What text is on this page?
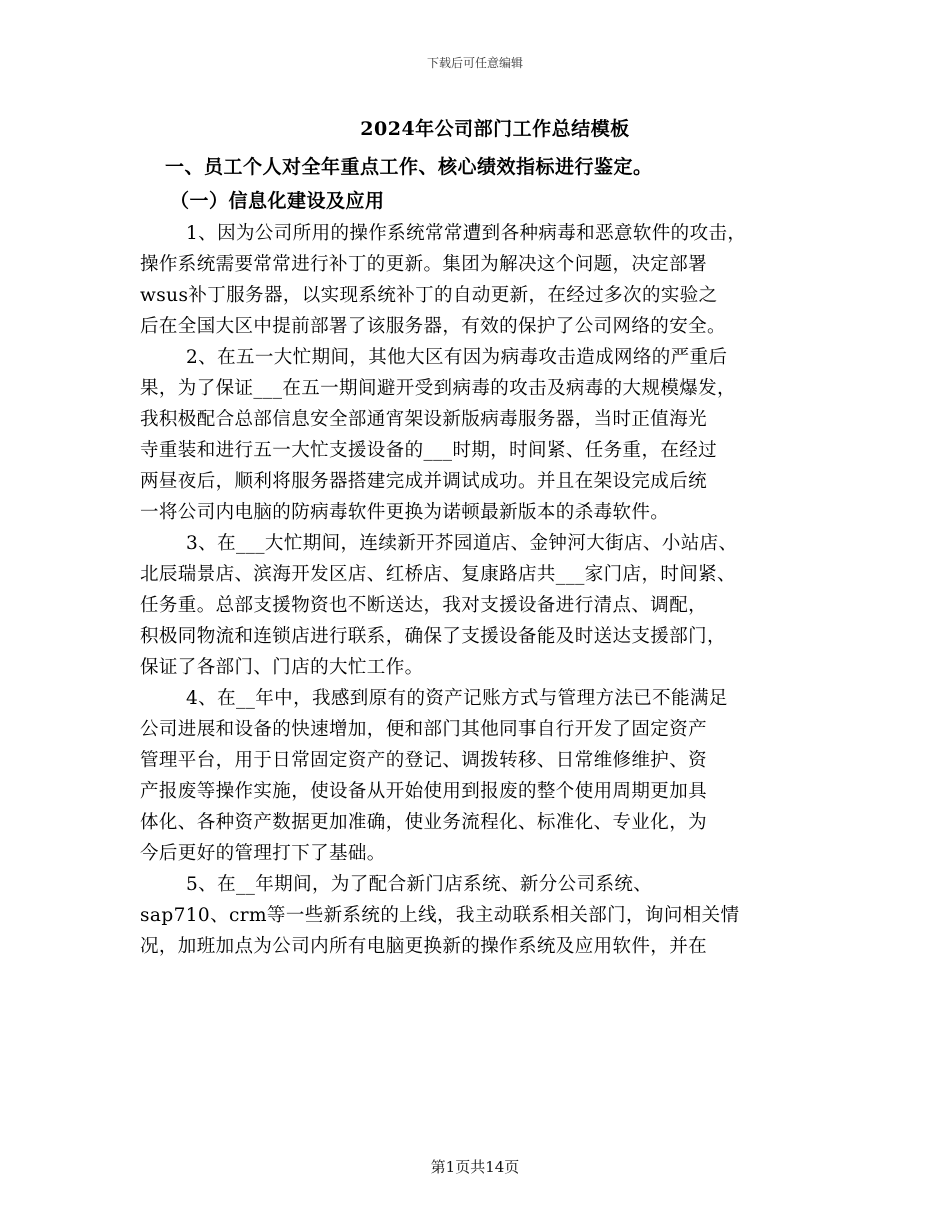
下载后可任意编辑
2024年公司部门工作总结模板
一、员工个人对全年重点工作、核心绩效指标进行鉴定。
（一）信息化建设及应用
1、因为公司所用的操作系统常常遭到各种病毒和恶意软件的攻击，
操作系统需要常常进行补丁的更新。集团为解决这个问题，决定部署
wsus补丁服务器，以实现系统补丁的自动更新，在经过多次的实验之
后在全国大区中提前部署了该服务器，有效的保护了公司网络的安全。
2、在五一大忙期间，其他大区有因为病毒攻击造成网络的严重后
果，为了保证___在五一期间避开受到病毒的攻击及病毒的大规模爆发，
我积极配合总部信息安全部通宵架设新版病毒服务器，当时正值海光
寺重装和进行五一大忙支援设备的___时期，时间紧、任务重，在经过
两昼夜后，顺利将服务器搭建完成并调试成功。并且在架设完成后统
一将公司内电脑的防病毒软件更换为诺顿最新版本的杀毒软件。
3、在___大忙期间，连续新开芥园道店、金钟河大街店、小站店、
北辰瑞景店、滨海开发区店、红桥店、复康路店共___家门店，时间紧、
任务重。总部支援物资也不断送达，我对支援设备进行清点、调配，
积极同物流和连锁店进行联系，确保了支援设备能及时送达支援部门，
保证了各部门、门店的大忙工作。
4、在__年中，我感到原有的资产记账方式与管理方法已不能满足
公司进展和设备的快速增加，便和部门其他同事自行开发了固定资产
管理平台，用于日常固定资产的登记、调拨转移、日常维修维护、资
产报废等操作实施，使设备从开始使用到报废的整个使用周期更加具
体化、各种资产数据更加准确，使业务流程化、标准化、专业化，为
今后更好的管理打下了基础。
5、在__年期间，为了配合新门店系统、新分公司系统、
sap710、crm等一些新系统的上线，我主动联系相关部门，询问相关情
况，加班加点为公司内所有电脑更换新的操作系统及应用软件，并在
第1页共14页
